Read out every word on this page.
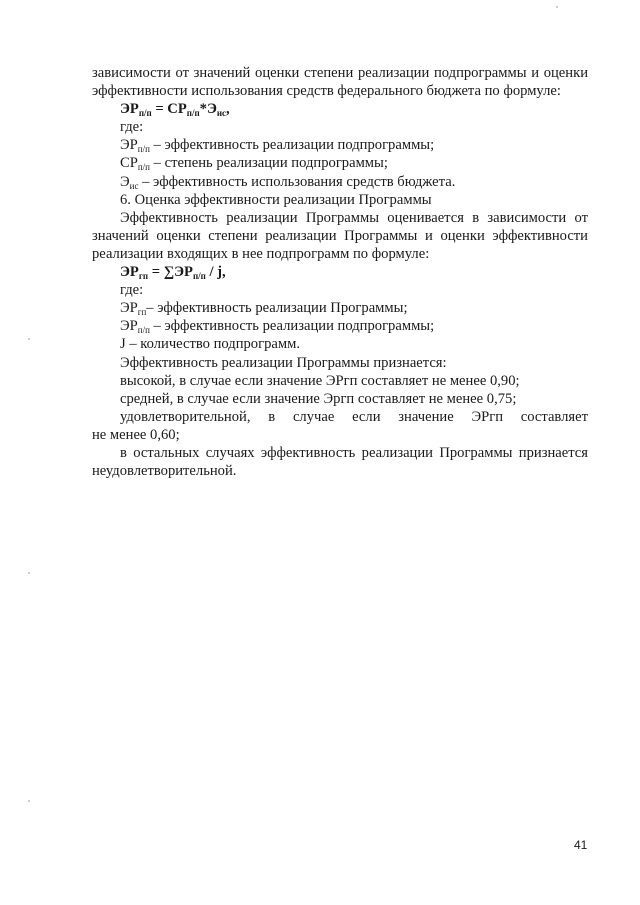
зависимости от значений оценки степени реализации подпрограммы и оценки

эффективности использования средств федерального бюджета по формуле:

$ЭР_{п/п} = СР_{п/п}*Э_{ис}$,

где:

$ЭР_{п/п}$ – эффективность реализации подпрограммы;

$СР_{п/п}$ – степень реализации подпрограммы;

$Э_{ис}$ – эффективность использования средств бюджета.

6. Оценка эффективности реализации Программы

Эффективность реализации Программы оценивается в зависимости от

значений оценки степени реализации Программы и оценки эффективности

реализации входящих в нее подпрограмм по формуле:

$ЭР_{гп} = \sum ЭР_{п/п} / j$,

где:

$ЭР_{гп}-$ эффективность реализации Программы;

$ЭР_{п/п}$ – эффективность реализации подпрограммы;

J – количество подпрограмм.

Эффективность реализации Программы признается:

высокой, в случае если значение ЭРгп составляет не менее 0,90;

средней, в случае если значение Эргп составляет не менее 0,75;

удовлетворительной, в случае если значение ЭРгп составляет

не менее 0,60;

в остальных случаях эффективность реализации Программы признается

неудовлетворительной.

41
